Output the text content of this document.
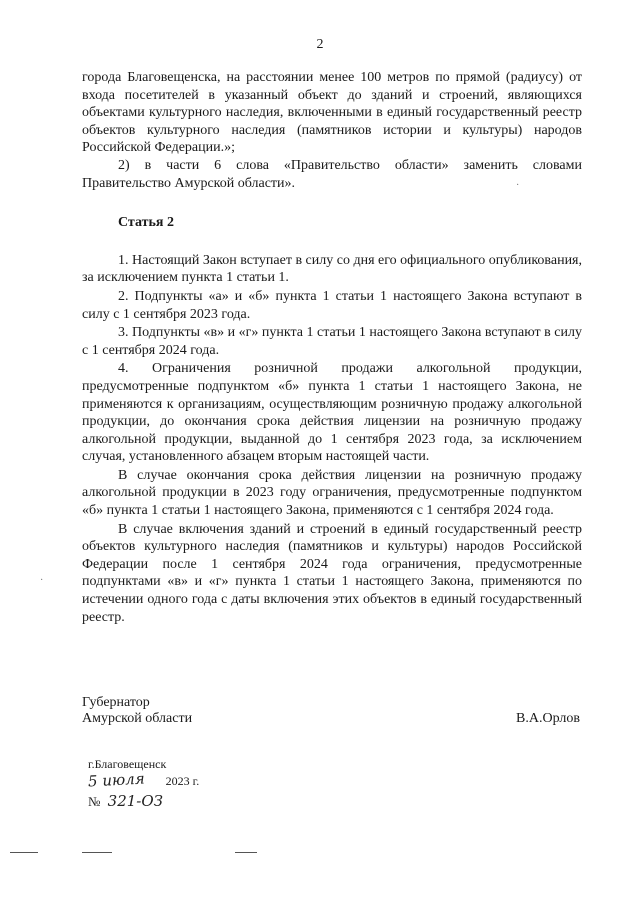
2

города Благовещенска, на расстоянии менее 100 метров по прямой (радиусу) от входа посетителей в указанный объект до зданий и строений, являющихся объектами культурного наследия, включенными в единый государственный реестр объектов культурного наследия (памятников истории и культуры) народов Российской Федерации.»;

2) в части 6 слова «Правительство области» заменить словами Правительство Амурской области».

Статья 2

1. Настоящий Закон вступает в силу со дня его официального опубликования, за исключением пункта 1 статьи 1.

2. Подпункты «а» и «б» пункта 1 статьи 1 настоящего Закона вступают в силу с 1 сентября 2023 года.

3. Подпункты «в» и «г» пункта 1 статьи 1 настоящего Закона вступают в силу с 1 сентября 2024 года.

4. Ограничения розничной продажи алкогольной продукции, предусмотренные подпунктом «б» пункта 1 статьи 1 настоящего Закона, не применяются к организациям, осуществляющим розничную продажу алкогольной продукции, до окончания срока действия лицензии на розничную продажу алкогольной продукции, выданной до 1 сентября 2023 года, за исключением случая, установленного абзацем вторым настоящей части.

В случае окончания срока действия лицензии на розничную продажу алкогольной продукции в 2023 году ограничения, предусмотренные подпунктом «б» пункта 1 статьи 1 настоящего Закона, применяются с 1 сентября 2024 года.

В случае включения зданий и строений в единый государственный реестр объектов культурного наследия (памятников и культуры) народов Российской Федерации после 1 сентября 2024 года ограничения, предусмотренные подпунктами «в» и «г» пункта 1 статьи 1 настоящего Закона, применяются по истечении одного года с даты включения этих объектов в единый государственный реестр.

Губернатор
Амурской области	В.А.Орлов
г.Благовещенск
5 июля 2023 г.
№ 321-ОЗ
·
·
